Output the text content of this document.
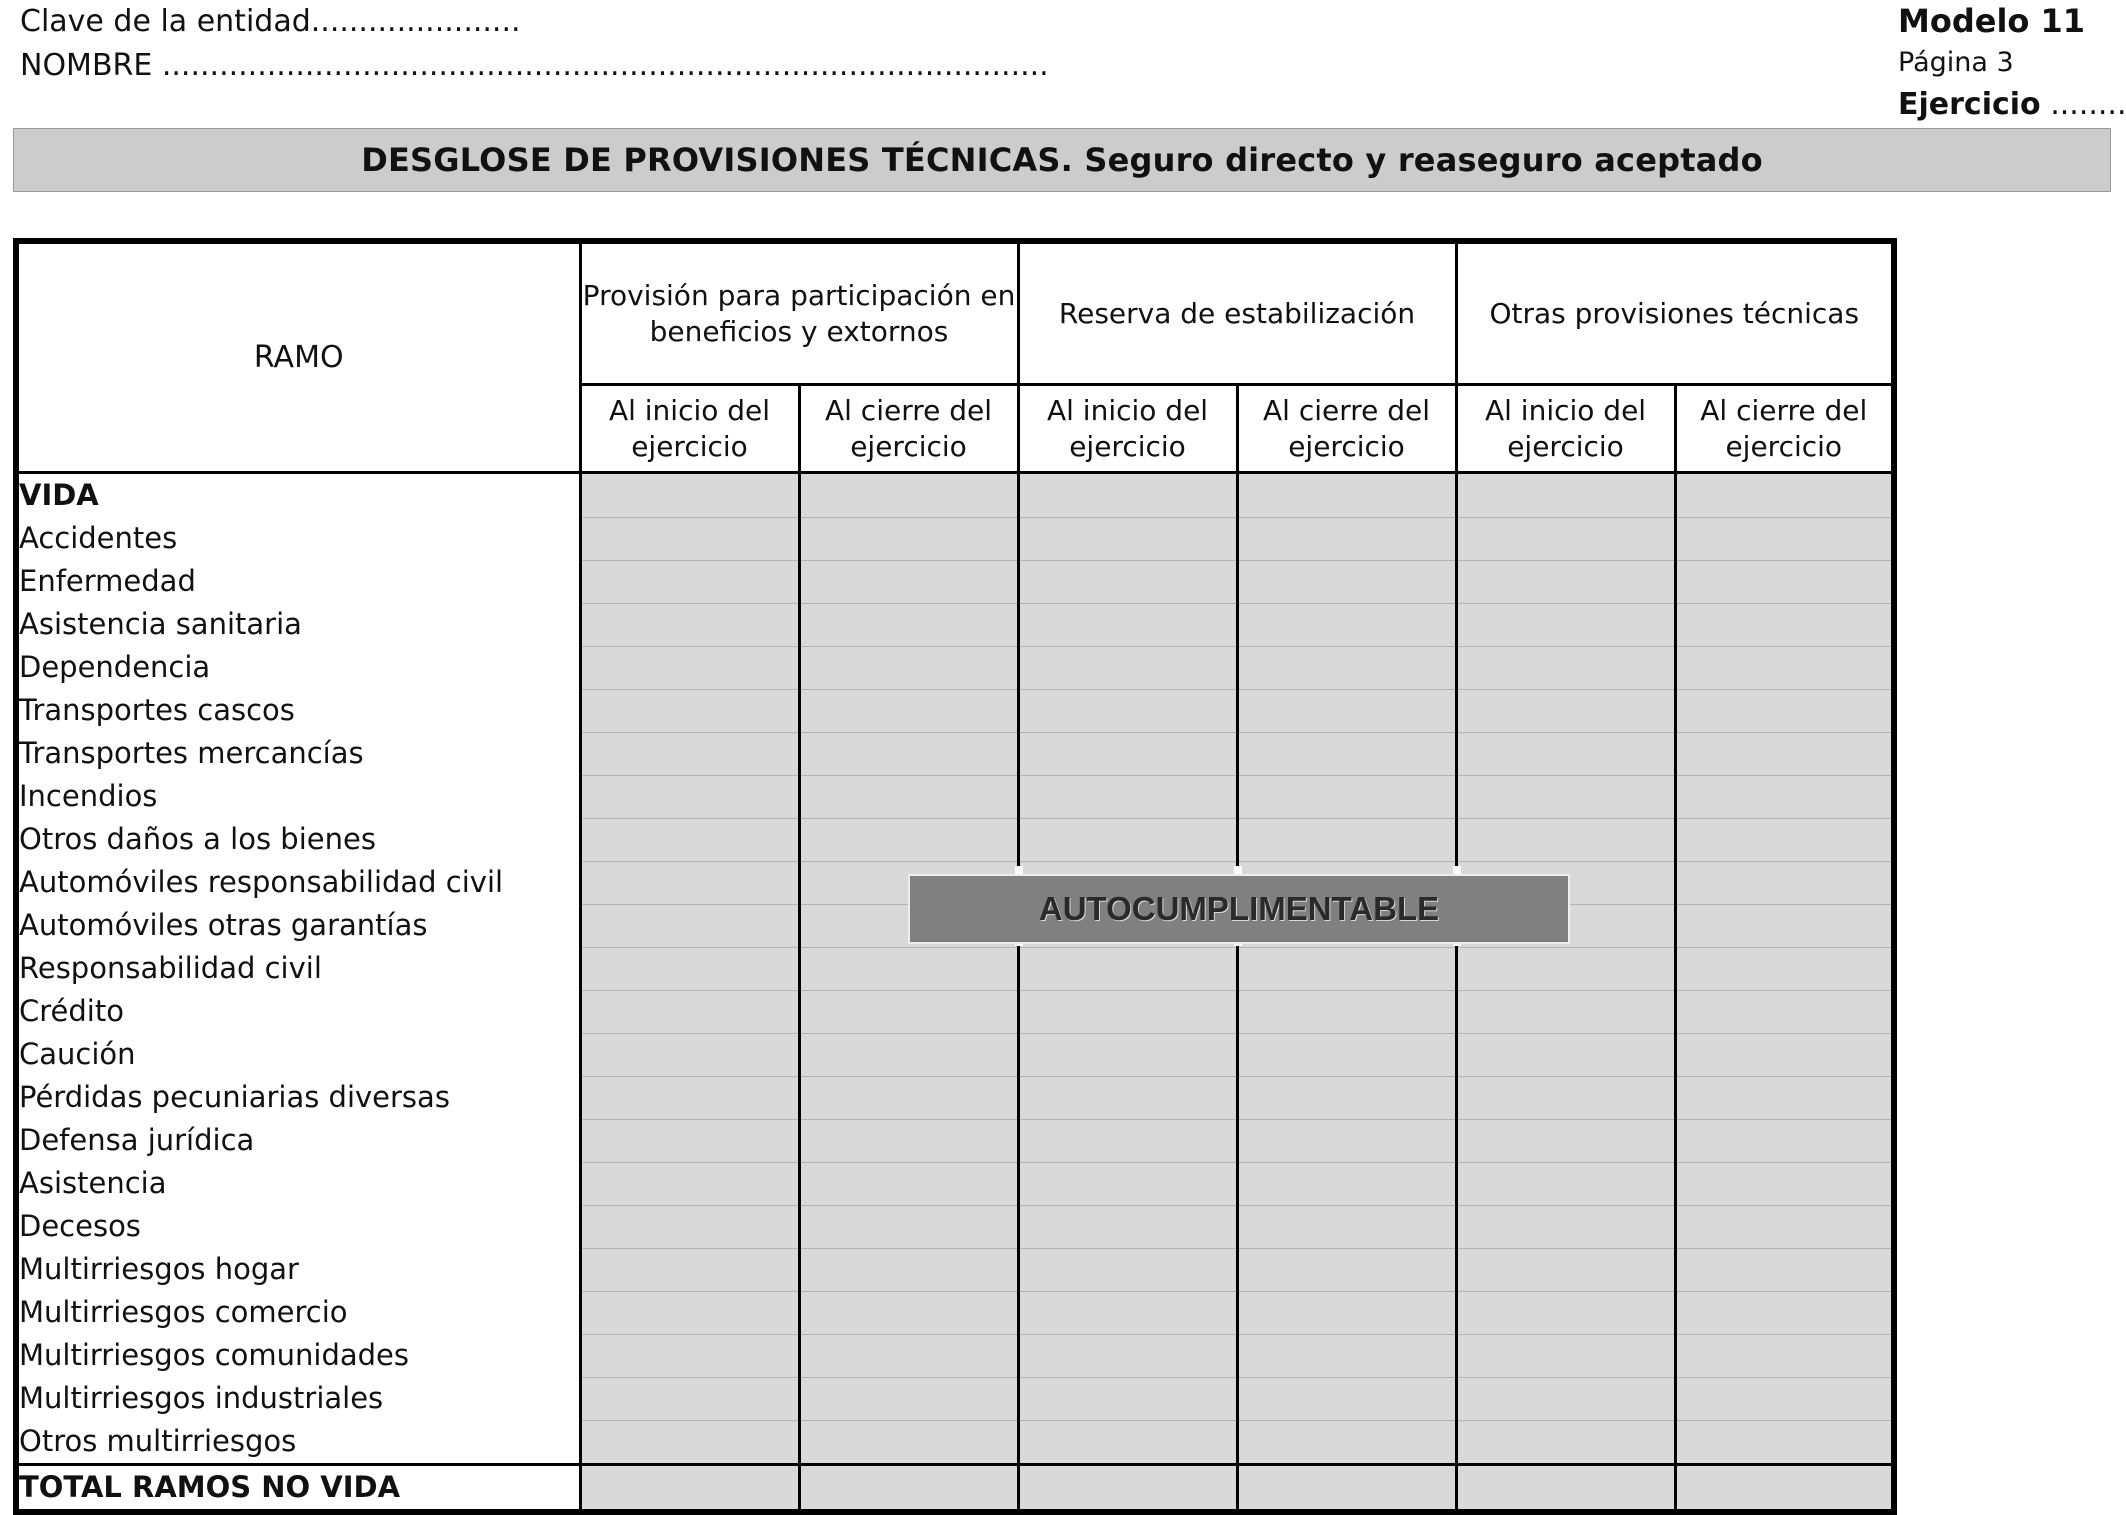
Clave de la entidad......................
NOMBRE .............................................................................................
Modelo 11
Página 3
Ejercicio ........
DESGLOSE DE PROVISIONES TÉCNICAS. Seguro directo y reaseguro aceptado
RAMO	Provisión para participación en beneficios y extornos		Reserva de estabilización		Otras provisiones técnicas	
	Al inicio del ejercicio	Al cierre del ejercicio	Al inicio del ejercicio	Al cierre del ejercicio	Al inicio del ejercicio	Al cierre del ejercicio
VIDA						
Accidentes						
Enfermedad						
Asistencia sanitaria						
Dependencia						
Transportes cascos						
Transportes mercancías						
Incendios						
Otros daños a los bienes						
Automóviles responsabilidad civil						
Automóviles otras garantías						
Responsabilidad civil						
Crédito						
Caución						
Pérdidas pecuniarias diversas						
Defensa jurídica						
Asistencia						
Decesos						
Multirriesgos hogar						
Multirriesgos comercio						
Multirriesgos comunidades						
Multirriesgos industriales						
Otros multirriesgos						
TOTAL RAMOS NO VIDA						
AUTOCUMPLIMENTABLE
